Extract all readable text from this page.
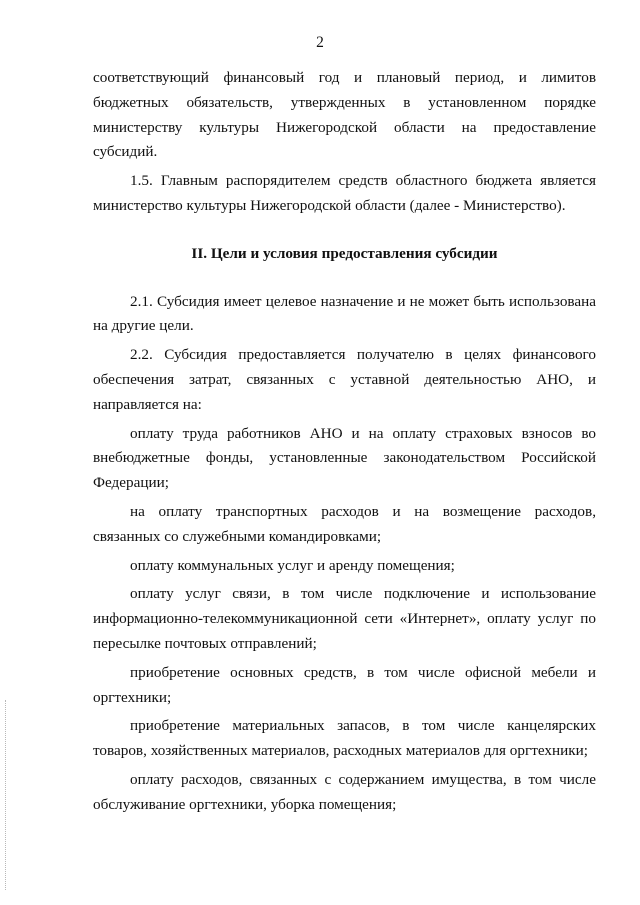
2

соответствующий финансовый год и плановый период, и лимитов бюджетных обязательств, утвержденных в установленном порядке министерству культуры Нижегородской области на предоставление субсидий.

1.5. Главным распорядителем средств областного бюджета является министерство культуры Нижегородской области (далее - Министерство).

II. Цели и условия предоставления субсидии

2.1. Субсидия имеет целевое назначение и не может быть использована на другие цели.

2.2. Субсидия предоставляется получателю в целях финансового обеспечения затрат, связанных с уставной деятельностью АНО, и направляется на:

оплату труда работников АНО и на оплату страховых взносов во внебюджетные фонды, установленные законодательством Российской Федерации;

на оплату транспортных расходов и на возмещение расходов, связанных со служебными командировками;

оплату коммунальных услуг и аренду помещения;

оплату услуг связи, в том числе подключение и использование информационно-телекоммуникационной сети «Интернет», оплату услуг по пересылке почтовых отправлений;

приобретение основных средств, в том числе офисной мебели и оргтехники;

приобретение материальных запасов, в том числе канцелярских товаров, хозяйственных материалов, расходных материалов для оргтехники;

оплату расходов, связанных с содержанием имущества, в том числе обслуживание оргтехники, уборка помещения;
